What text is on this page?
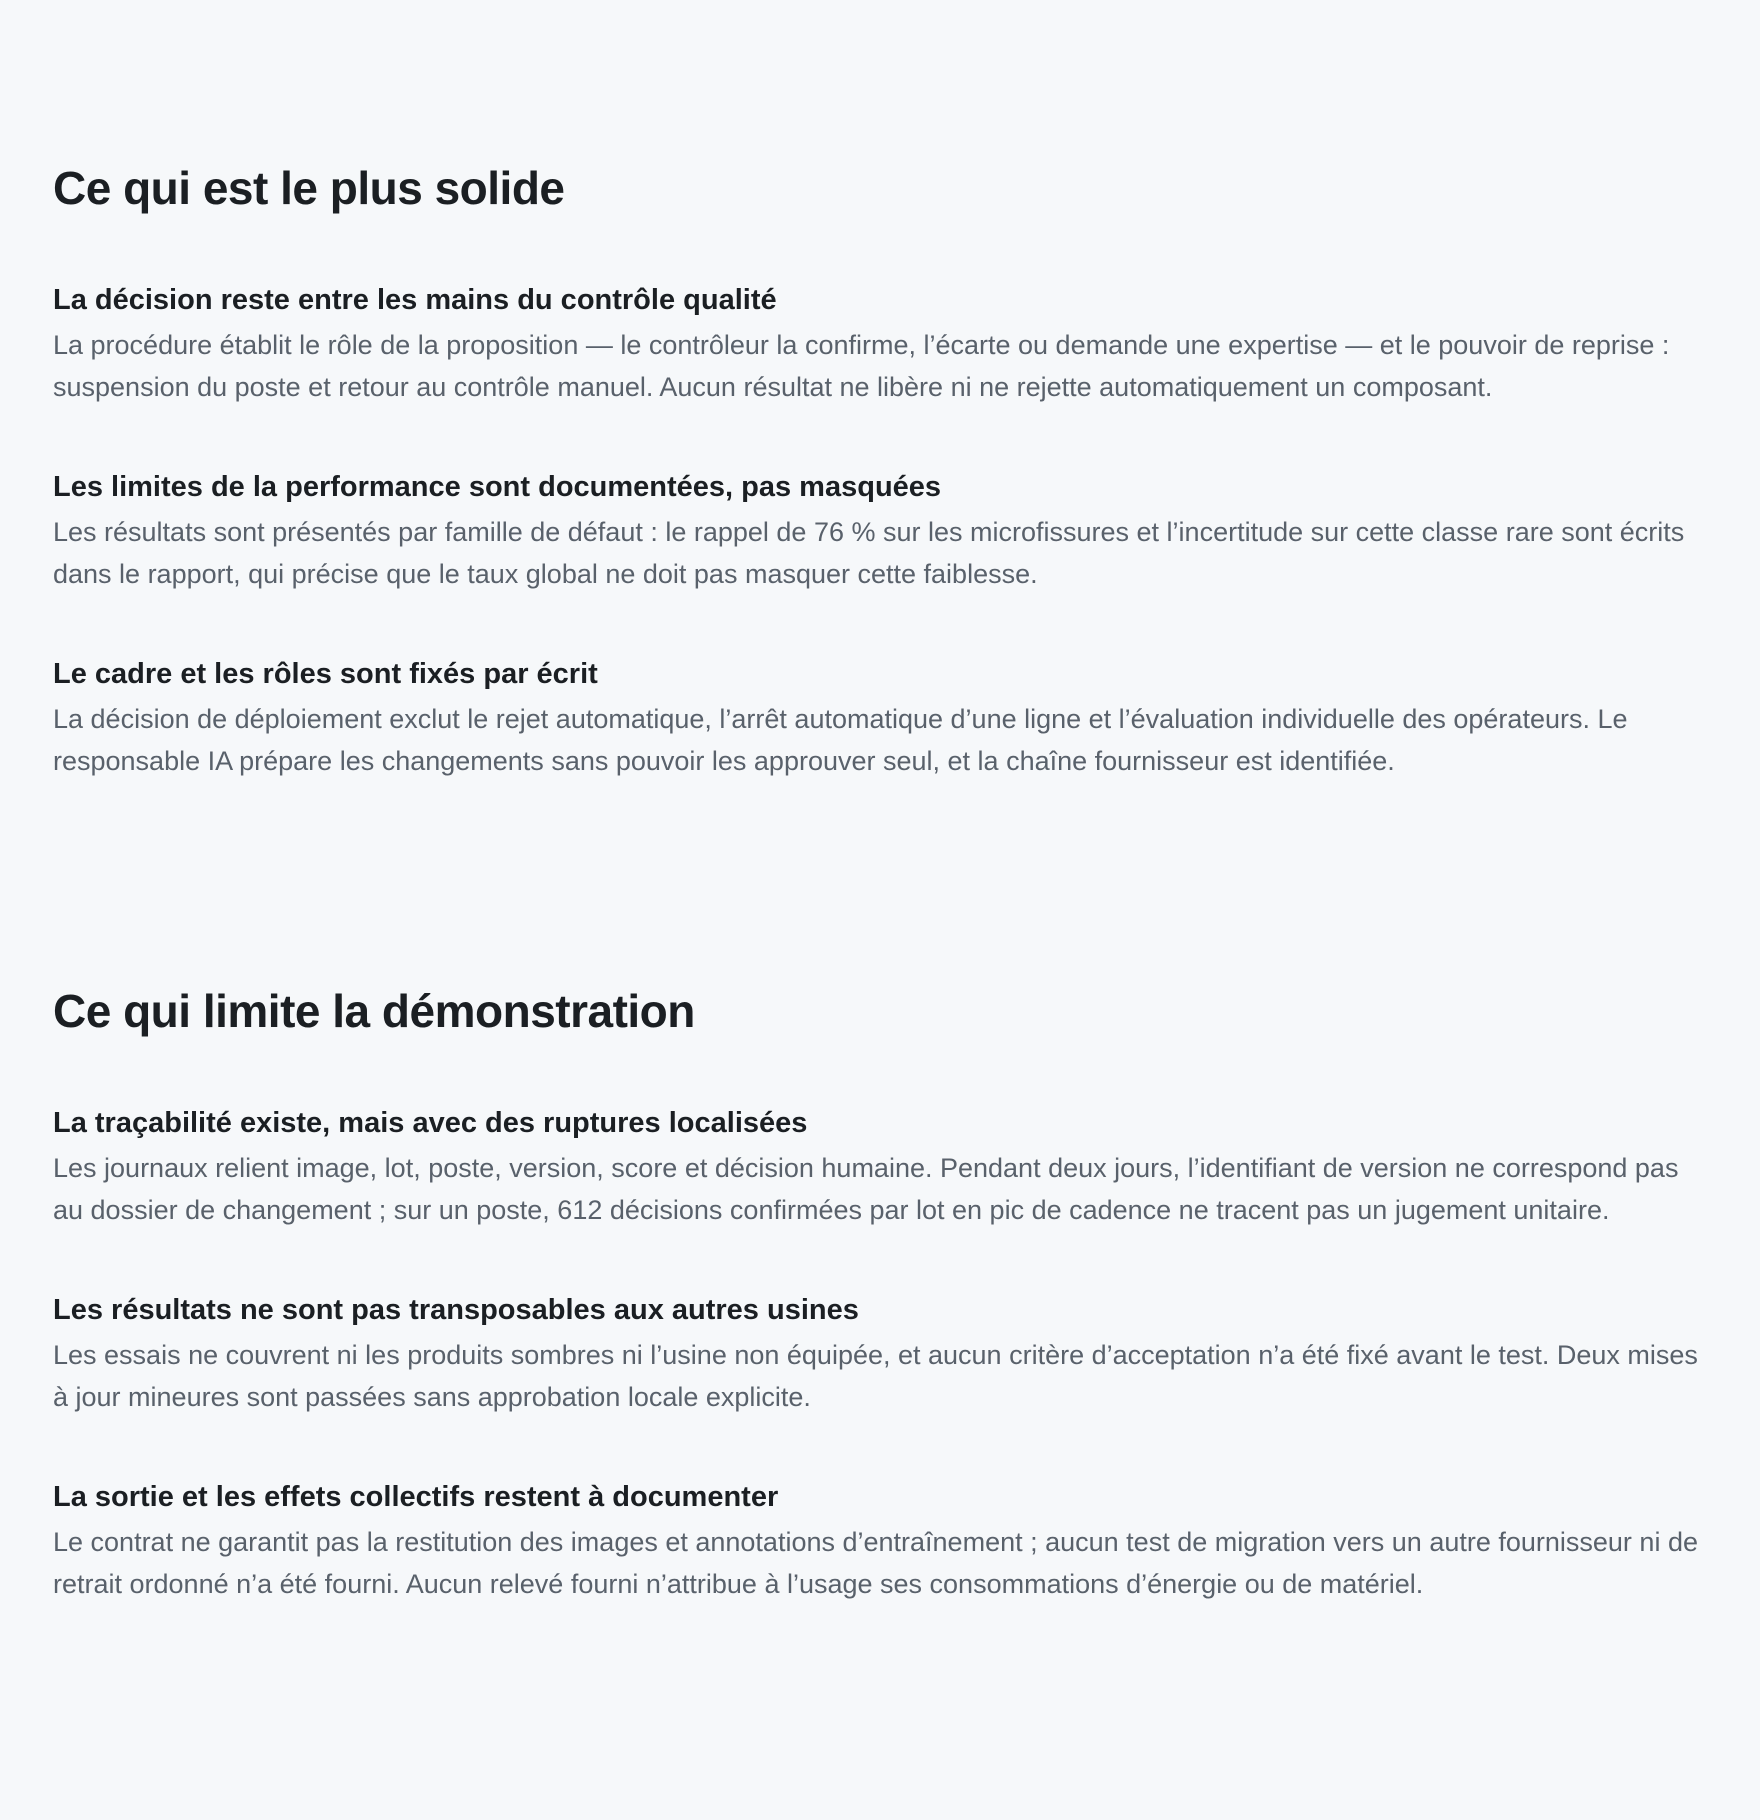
Ce qui est le plus solide
La décision reste entre les mains du contrôle qualité

La procédure établit le rôle de la proposition — le contrôleur la confirme, l’écarte ou demande une expertise — et le pouvoir de reprise : suspension du poste et retour au contrôle manuel. Aucun résultat ne libère ni ne rejette automatiquement un composant.

Les limites de la performance sont documentées, pas masquées

Les résultats sont présentés par famille de défaut : le rappel de 76 % sur les microfissures et l’incertitude sur cette classe rare sont écrits dans le rapport, qui précise que le taux global ne doit pas masquer cette faiblesse.

Le cadre et les rôles sont fixés par écrit

La décision de déploiement exclut le rejet automatique, l’arrêt automatique d’une ligne et l’évaluation individuelle des opérateurs. Le responsable IA prépare les changements sans pouvoir les approuver seul, et la chaîne fournisseur est identifiée.

Ce qui limite la démonstration
La traçabilité existe, mais avec des ruptures localisées

Les journaux relient image, lot, poste, version, score et décision humaine. Pendant deux jours, l’identifiant de version ne correspond pas au dossier de changement ; sur un poste, 612 décisions confirmées par lot en pic de cadence ne tracent pas un jugement unitaire.

Les résultats ne sont pas transposables aux autres usines

Les essais ne couvrent ni les produits sombres ni l’usine non équipée, et aucun critère d’acceptation n’a été fixé avant le test. Deux mises à jour mineures sont passées sans approbation locale explicite.

La sortie et les effets collectifs restent à documenter

Le contrat ne garantit pas la restitution des images et annotations d’entraînement ; aucun test de migration vers un autre fournisseur ni de retrait ordonné n’a été fourni. Aucun relevé fourni n’attribue à l’usage ses consommations d’énergie ou de matériel.
